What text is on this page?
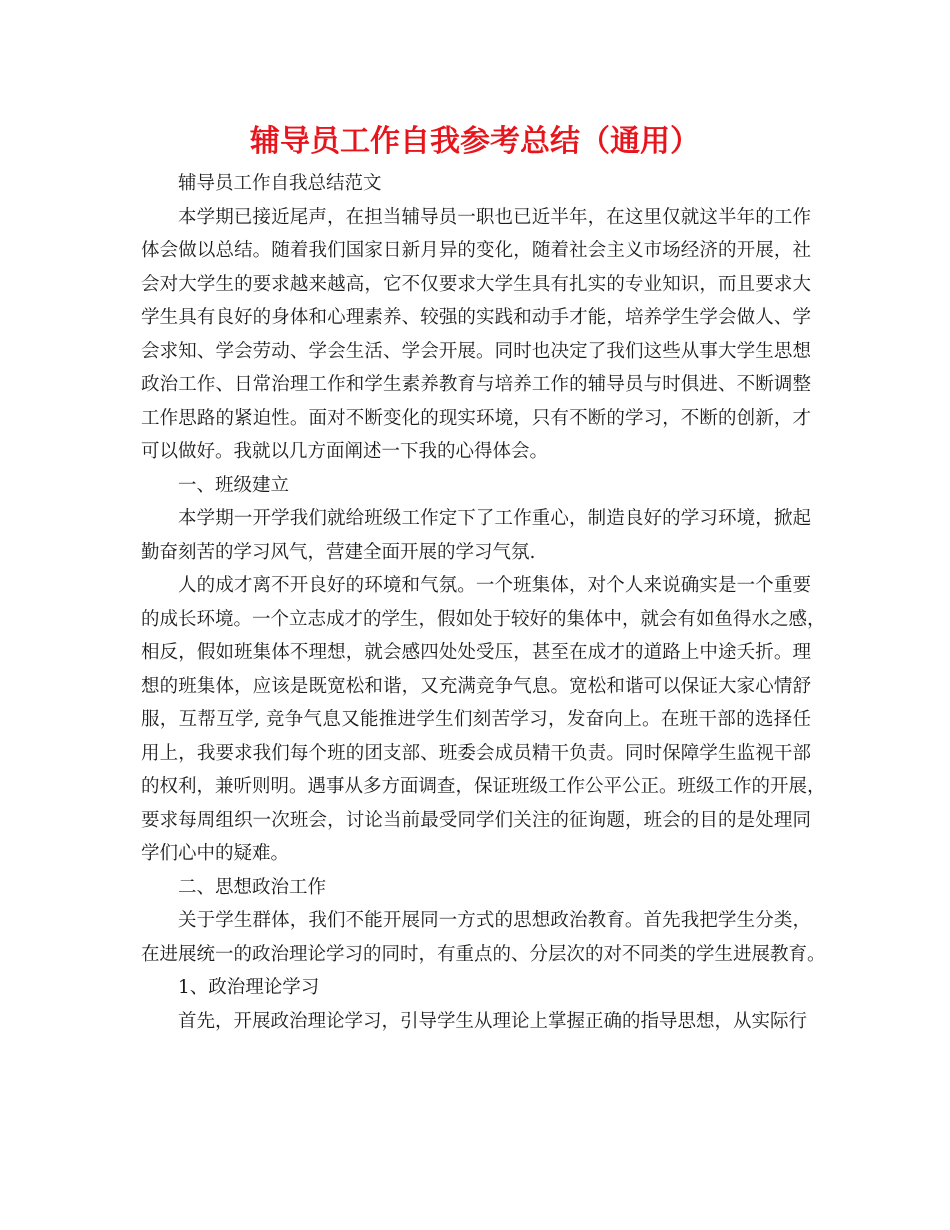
辅导员工作自我参考总结（通用）
辅导员工作自我总结范文
本学期已接近尾声，在担当辅导员一职也已近半年，在这里仅就这半年的工作
体会做以总结。随着我们国家日新月异的变化，随着社会主义市场经济的开展，社
会对大学生的要求越来越高，它不仅要求大学生具有扎实的专业知识，而且要求大
学生具有良好的身体和心理素养、较强的实践和动手才能，培养学生学会做人、学
会求知、学会劳动、学会生活、学会开展。同时也决定了我们这些从事大学生思想
政治工作、日常治理工作和学生素养教育与培养工作的辅导员与时俱进、不断调整
工作思路的紧迫性。面对不断变化的现实环境，只有不断的学习，不断的创新，才
可以做好。我就以几方面阐述一下我的心得体会。
一、班级建立
本学期一开学我们就给班级工作定下了工作重心，制造良好的学习环境，掀起
勤奋刻苦的学习风气，营建全面开展的学习气氛.
人的成才离不开良好的环境和气氛。一个班集体，对个人来说确实是一个重要
的成长环境。一个立志成才的学生，假如处于较好的集体中，就会有如鱼得水之感，
相反，假如班集体不理想，就会感四处处受压，甚至在成才的道路上中途夭折。理
想的班集体，应该是既宽松和谐，又充满竞争气息。宽松和谐可以保证大家心情舒
服，互帮互学, 竞争气息又能推进学生们刻苦学习，发奋向上。在班干部的选择任
用上，我要求我们每个班的团支部、班委会成员精干负责。同时保障学生监视干部
的权利，兼听则明。遇事从多方面调查，保证班级工作公平公正。班级工作的开展，
要求每周组织一次班会，讨论当前最受同学们关注的征询题，班会的目的是处理同
学们心中的疑难。
二、思想政治工作
关于学生群体，我们不能开展同一方式的思想政治教育。首先我把学生分类，
在进展统一的政治理论学习的同时，有重点的、分层次的对不同类的学生进展教育。
1、政治理论学习
首先，开展政治理论学习，引导学生从理论上掌握正确的指导思想，从实际行
